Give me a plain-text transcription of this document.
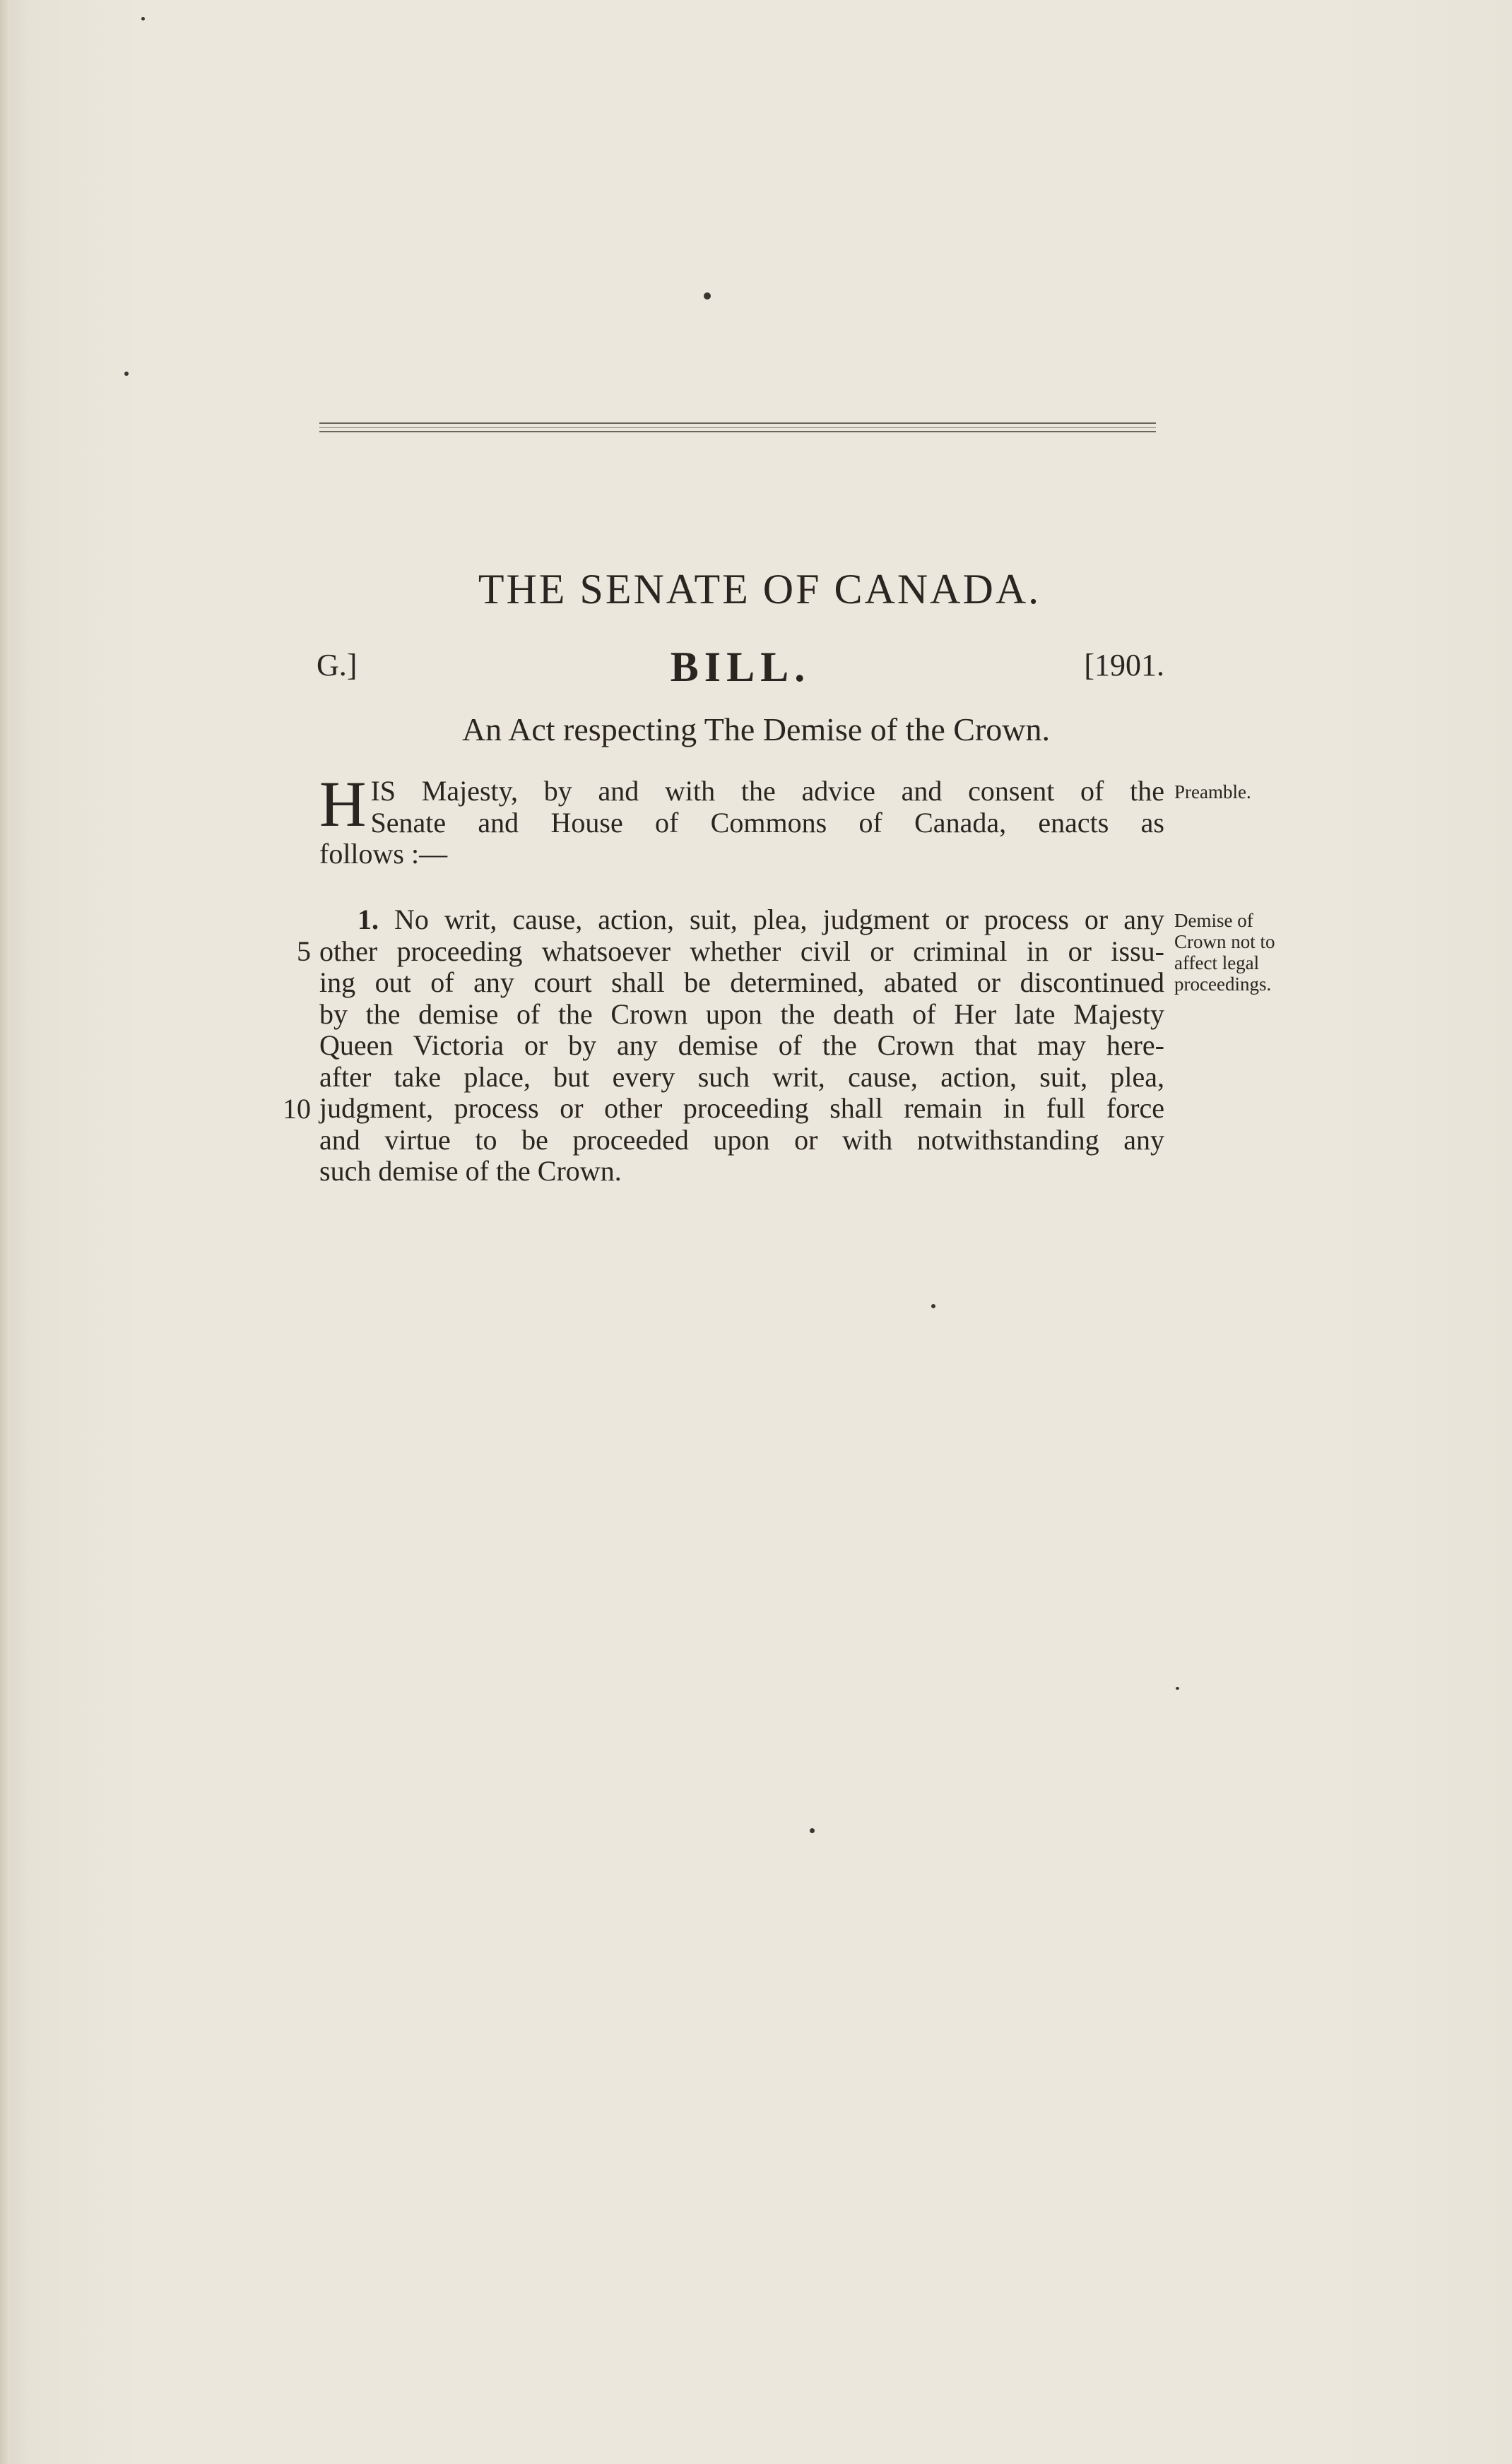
THE SENATE OF CANADA.
G.]	BILL.	[1901.
An Act respecting The Demise of the Crown.
H IS Majesty, by and with the advice and consent of the
Senate and House of Commons of Canada, enacts as
follows :—
Preamble.
1. No writ, cause, action, suit, plea, judgment or process or any
other proceeding whatsoever whether civil or criminal in or issu-
ing out of any court shall be determined, abated or discontinued
by the demise of the Crown upon the death of Her late Majesty
Queen Victoria or by any demise of the Crown that may here-
after take place, but every such writ, cause, action, suit, plea,
judgment, process or other proceeding shall remain in full force
and virtue to be proceeded upon or with notwithstanding any
such demise of the Crown.
5
10
Demise of
Crown not to
affect legal
proceedings.
